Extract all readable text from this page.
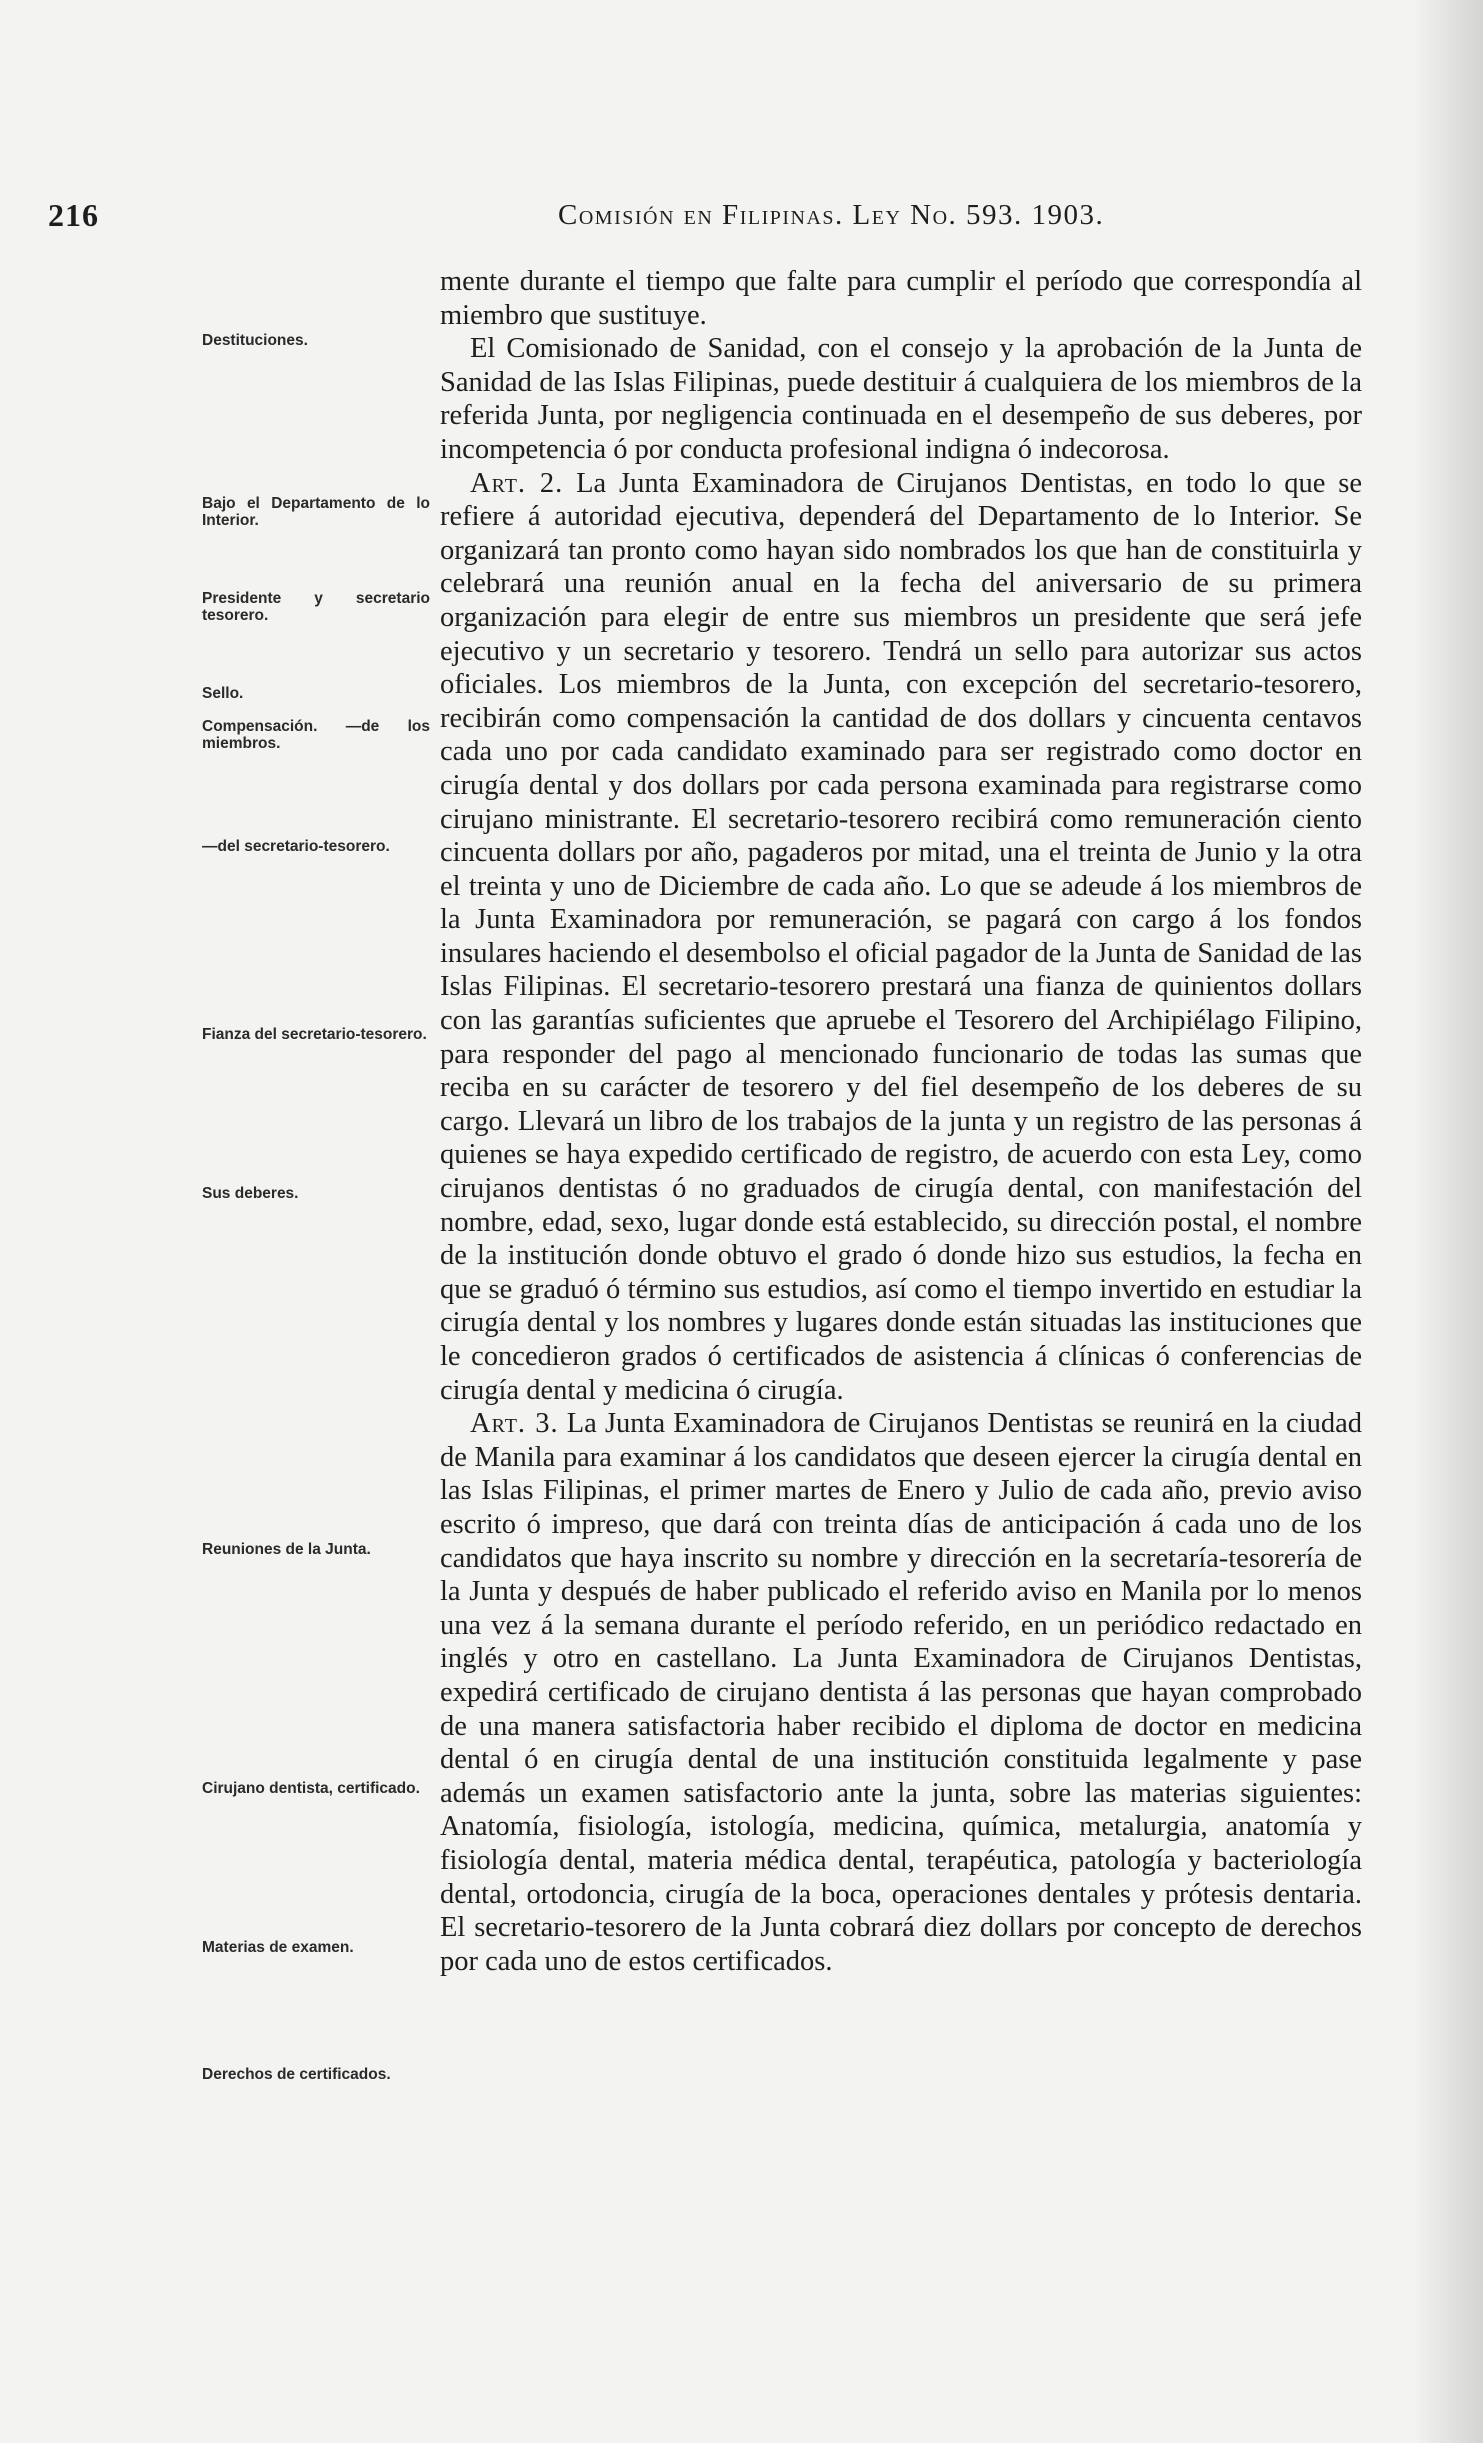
216	Comisión en Filipinas. Ley No. 593. 1903.
Destituciones.
Bajo el Departamento de lo Interior.
Presidente y secretario tesorero.
Sello.
Compensación. —de los miembros.
—del secretario-tesorero.
Fianza del secretario-tesorero.
Sus deberes.
Reuniones de la Junta.
Cirujano dentista, certificado.
Materias de examen.
Derechos de certificados.

mente durante el tiempo que falte para cumplir el período que correspondía al miembro que sustituye.

El Comisionado de Sanidad, con el consejo y la aprobación de la Junta de Sanidad de las Islas Filipinas, puede destituir á cualquiera de los miembros de la referida Junta, por negligencia continuada en el desempeño de sus deberes, por incompetencia ó por conducta profesional indigna ó indecorosa.

Art. 2. La Junta Examinadora de Cirujanos Dentistas, en todo lo que se refiere á autoridad ejecutiva, dependerá del Departamento de lo Interior. Se organizará tan pronto como hayan sido nombrados los que han de constituirla y celebrará una reunión anual en la fecha del aniversario de su primera organización para elegir de entre sus miembros un presidente que será jefe ejecutivo y un secretario y tesorero. Tendrá un sello para autorizar sus actos oficiales. Los miembros de la Junta, con excepción del secretario-tesorero, recibirán como compensación la cantidad de dos dollars y cincuenta centavos cada uno por cada candidato examinado para ser registrado como doctor en cirugía dental y dos dollars por cada persona examinada para registrarse como cirujano ministrante. El secretario-tesorero recibirá como remuneración ciento cincuenta dollars por año, pagaderos por mitad, una el treinta de Junio y la otra el treinta y uno de Diciembre de cada año. Lo que se adeude á los miembros de la Junta Examinadora por remuneración, se pagará con cargo á los fondos insulares haciendo el desembolso el oficial pagador de la Junta de Sanidad de las Islas Filipinas. El secretario-tesorero prestará una fianza de quinientos dollars con las garantías suficientes que apruebe el Tesorero del Archipiélago Filipino, para responder del pago al mencionado funcionario de todas las sumas que reciba en su carácter de tesorero y del fiel desempeño de los deberes de su cargo. Llevará un libro de los trabajos de la junta y un registro de las personas á quienes se haya expedido certificado de registro, de acuerdo con esta Ley, como cirujanos dentistas ó no graduados de cirugía dental, con manifestación del nombre, edad, sexo, lugar donde está establecido, su dirección postal, el nombre de la institución donde obtuvo el grado ó donde hizo sus estudios, la fecha en que se graduó ó término sus estudios, así como el tiempo invertido en estudiar la cirugía dental y los nombres y lugares donde están situadas las instituciones que le concedieron grados ó certificados de asistencia á clínicas ó conferencias de cirugía dental y medicina ó cirugía.

Art. 3. La Junta Examinadora de Cirujanos Dentistas se reunirá en la ciudad de Manila para examinar á los candidatos que deseen ejercer la cirugía dental en las Islas Filipinas, el primer martes de Enero y Julio de cada año, previo aviso escrito ó impreso, que dará con treinta días de anticipación á cada uno de los candidatos que haya inscrito su nombre y dirección en la secretaría-tesorería de la Junta y después de haber publicado el referido aviso en Manila por lo menos una vez á la semana durante el período referido, en un periódico redactado en inglés y otro en castellano. La Junta Examinadora de Cirujanos Dentistas, expedirá certificado de cirujano dentista á las personas que hayan comprobado de una manera satisfactoria haber recibido el diploma de doctor en medicina dental ó en cirugía dental de una institución constituida legalmente y pase además un examen satisfactorio ante la junta, sobre las materias siguientes: Anatomía, fisiología, istología, medicina, química, metalurgia, anatomía y fisiología dental, materia médica dental, terapéutica, patología y bacteriología dental, ortodoncia, cirugía de la boca, operaciones dentales y prótesis dentaria. El secretario-tesorero de la Junta cobrará diez dollars por concepto de derechos por cada uno de estos certificados.
